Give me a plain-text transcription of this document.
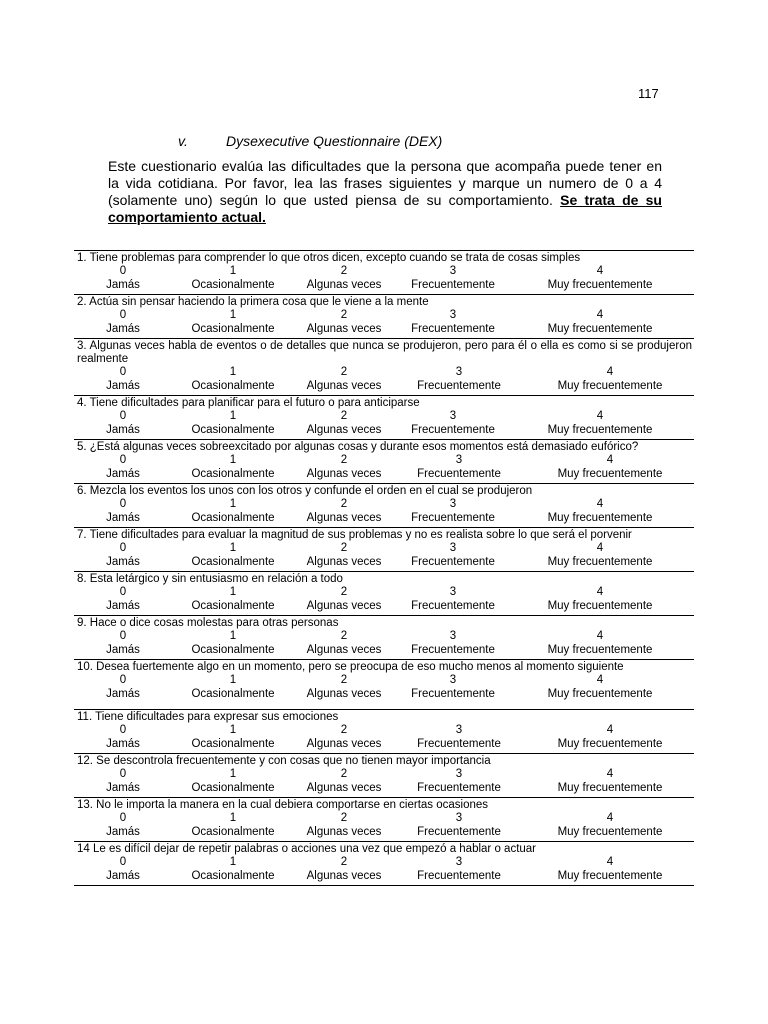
117
v.	Dysexecutive Questionnaire (DEX)
Este cuestionario evalúa las dificultades que la persona que acompaña puede tener en la vida cotidiana. Por favor, lea las frases siguientes y marque un numero de 0 a 4 (solamente uno) según lo que usted piensa de su comportamiento. Se trata de su comportamiento actual.
1. Tiene problemas para comprender lo que otros dicen, excepto cuando se trata de cosas simples
0	1	2	3	4
Jamás	Ocasionalmente	Algunas veces	Frecuentemente	Muy frecuentemente
2. Actúa sin pensar haciendo la primera cosa que le viene a la mente
0	1	2	3	4
Jamás	Ocasionalmente	Algunas veces	Frecuentemente	Muy frecuentemente
3. Algunas veces habla de eventos o de detalles que nunca se produjeron, pero para él o ella es como si se produjeron realmente
0	1	2	3	4
Jamás	Ocasionalmente	Algunas veces	Frecuentemente	Muy frecuentemente
4. Tiene dificultades para planificar para el futuro o para anticiparse
0	1	2	3	4
Jamás	Ocasionalmente	Algunas veces	Frecuentemente	Muy frecuentemente
5. ¿Está algunas veces sobreexcitado por algunas cosas y durante esos momentos está demasiado eufórico?
0	1	2	3	4
Jamás	Ocasionalmente	Algunas veces	Frecuentemente	Muy frecuentemente
6. Mezcla los eventos los unos con los otros y confunde el orden en el cual se produjeron
0	1	2	3	4
Jamás	Ocasionalmente	Algunas veces	Frecuentemente	Muy frecuentemente
7. Tiene dificultades para evaluar la magnitud de sus problemas y no es realista sobre lo que será el porvenir
0	1	2	3	4
Jamás	Ocasionalmente	Algunas veces	Frecuentemente	Muy frecuentemente
8. Esta letárgico y sin entusiasmo en relación a todo
0	1	2	3	4
Jamás	Ocasionalmente	Algunas veces	Frecuentemente	Muy frecuentemente
9. Hace o dice cosas molestas para otras personas
0	1	2	3	4
Jamás	Ocasionalmente	Algunas veces	Frecuentemente	Muy frecuentemente
10. Desea fuertemente algo en un momento, pero se preocupa de eso mucho menos al momento siguiente
0	1	2	3	4
Jamás	Ocasionalmente	Algunas veces	Frecuentemente	Muy frecuentemente
11. Tiene dificultades para expresar sus emociones
0	1	2	3	4
Jamás	Ocasionalmente	Algunas veces	Frecuentemente	Muy frecuentemente
12. Se descontrola frecuentemente y con cosas que no tienen mayor importancia
0	1	2	3	4
Jamás	Ocasionalmente	Algunas veces	Frecuentemente	Muy frecuentemente
13. No le importa la manera en la cual debiera comportarse en ciertas ocasiones
0	1	2	3	4
Jamás	Ocasionalmente	Algunas veces	Frecuentemente	Muy frecuentemente
14 Le es difícil dejar de repetir palabras o acciones una vez que empezó a hablar o actuar
0	1	2	3	4
Jamás	Ocasionalmente	Algunas veces	Frecuentemente	Muy frecuentemente
